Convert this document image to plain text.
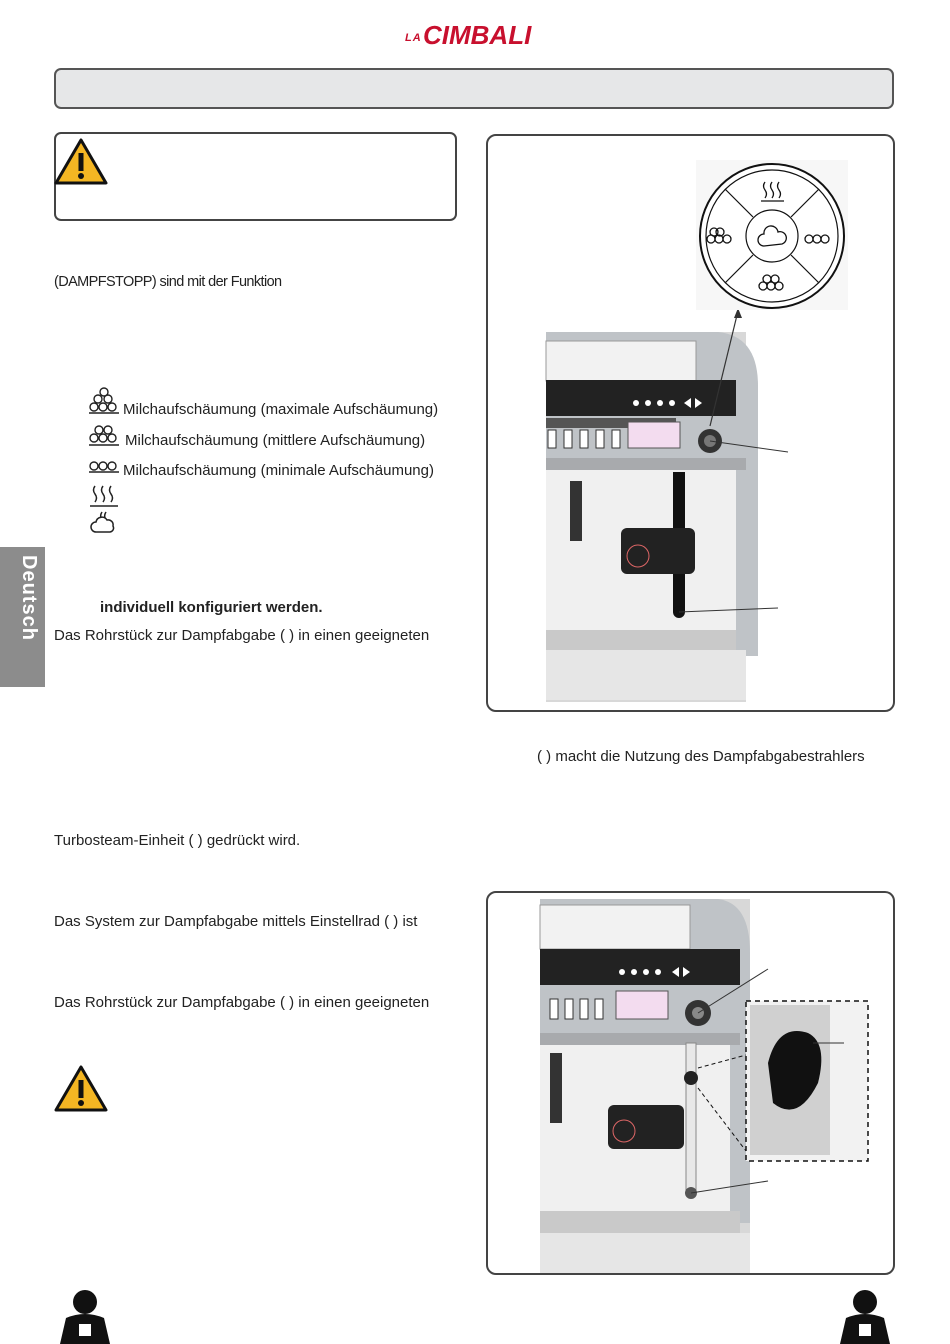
LA CIMBALI
(DAMPFSTOPP) sind mit der Funktion
Milchaufschäumung (maximale Aufschäumung)
Milchaufschäumung (mittlere Aufschäumung)
Milchaufschäumung (minimale Aufschäumung)
individuell konfiguriert werden.
Das Rohrstück zur Dampfabgabe ( ) in einen geeigneten
Deutsch
( ) macht die Nutzung des Dampfabgabestrahlers
Turbosteam-Einheit ( ) gedrückt wird.
Das System zur Dampfabgabe mittels Einstellrad ( ) ist
Das Rohrstück zur Dampfabgabe ( ) in einen geeigneten
